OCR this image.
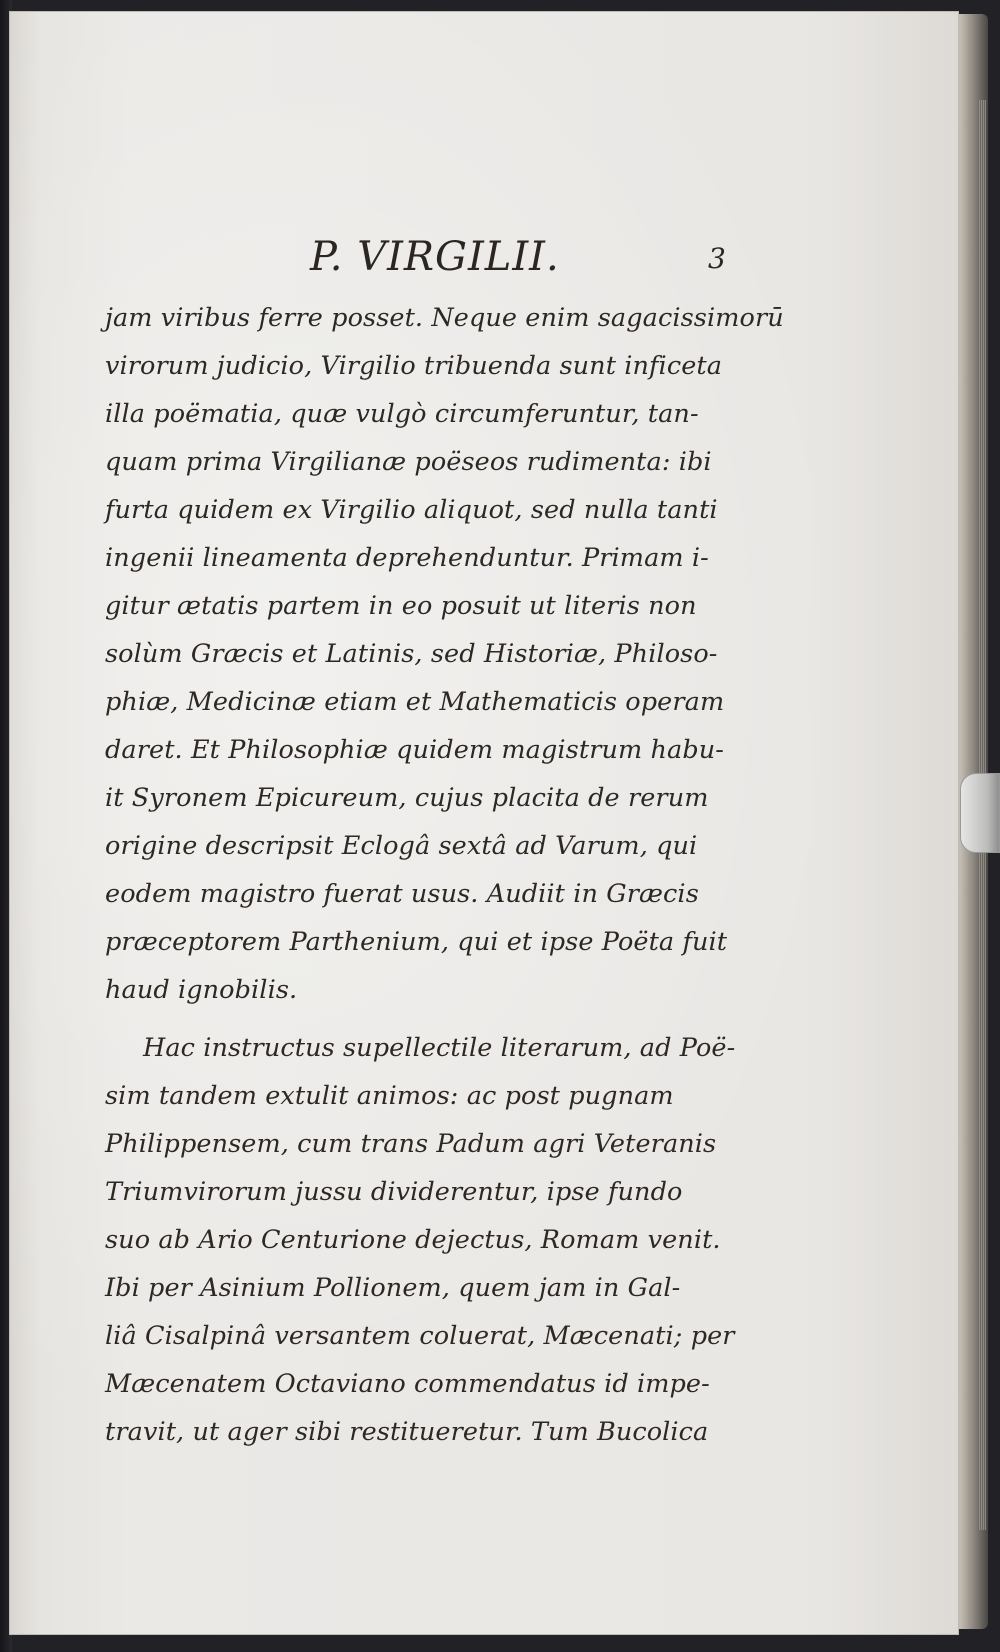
P. VIRGILII.	3
jam viribus ferre posset. Neque enim sagacissimorū
virorum judicio, Virgilio tribuenda sunt inficeta
illa poëmatia, quæ vulgò circumferuntur, tan-
quam prima Virgilianæ poëseos rudimenta: ibi
furta quidem ex Virgilio aliquot, sed nulla tanti
ingenii lineamenta deprehenduntur. Primam i-
gitur ætatis partem in eo posuit ut literis non
solùm Græcis et Latinis, sed Historiæ, Philoso-
phiæ, Medicinæ etiam et Mathematicis operam
daret. Et Philosophiæ quidem magistrum habu-
it Syronem Epicureum, cujus placita de rerum
origine descripsit Eclogâ sextâ ad Varum, qui
eodem magistro fuerat usus. Audiit in Græcis
præceptorem Parthenium, qui et ipse Poëta fuit
haud ignobilis.
Hac instructus supellectile literarum, ad Poë-
sim tandem extulit animos: ac post pugnam
Philippensem, cum trans Padum agri Veteranis
Triumvirorum jussu dividerentur, ipse fundo
suo ab Ario Centurione dejectus, Romam venit.
Ibi per Asinium Pollionem, quem jam in Gal-
liâ Cisalpinâ versantem coluerat, Mæcenati; per
Mæcenatem Octaviano commendatus id impe-
travit, ut ager sibi restitueretur. Tum Bucolica
